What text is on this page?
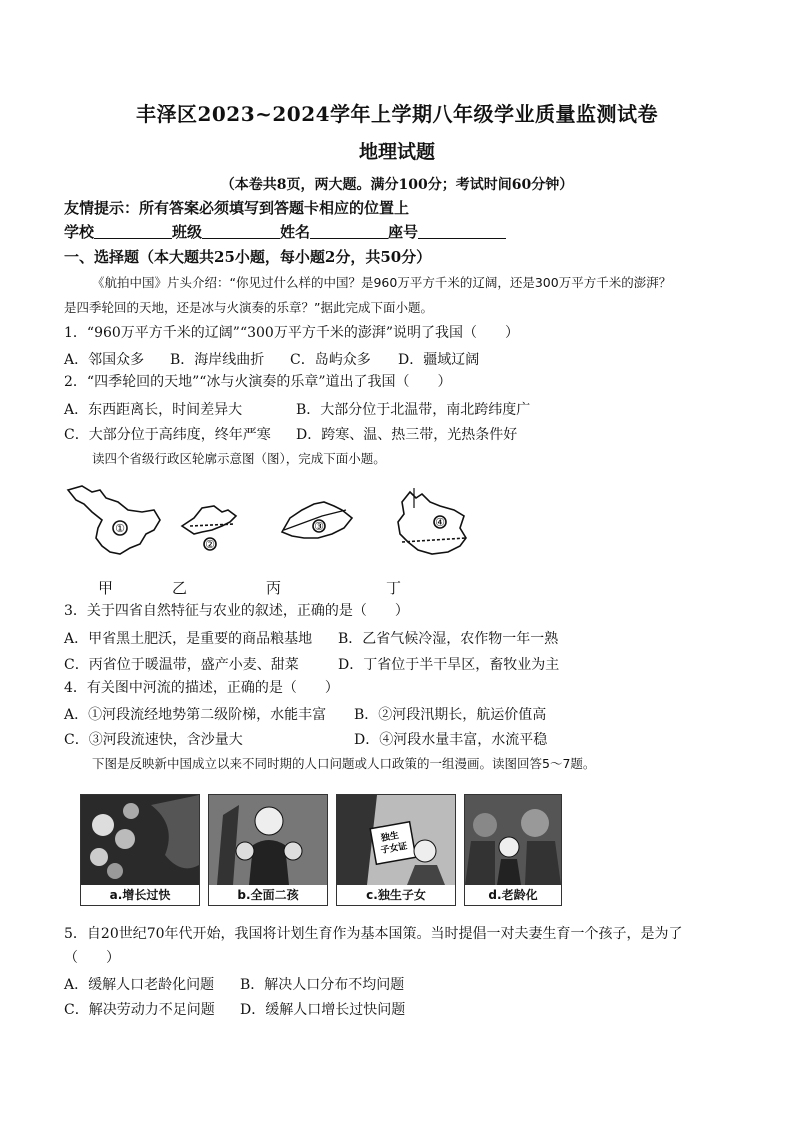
丰泽区2023~2024学年上学期八年级学业质量监测试卷
地理试题
（本卷共8页，两大题。满分100分；考试时间60分钟）
友情提示：所有答案必须填写到答题卡相应的位置上
学校	班级	姓名	座号
一、选择题（本大题共25小题，每小题2分，共50分）
《航拍中国》片头介绍：“你见过什么样的中国？是960万平方千米的辽阔，还是300万平方千米的澎湃？
是四季轮回的天地，还是冰与火演奏的乐章？”据此完成下面小题。
1．“960万平方千米的辽阔”“300万平方千米的澎湃”说明了我国（　　）
A．邻国众多 B．海岸线曲折 C．岛屿众多 D．疆域辽阔
2．“四季轮回的天地”“冰与火演奏的乐章”道出了我国（　　）
A．东西距离长，时间差异大	B．大部分位于北温带，南北跨纬度广
C．大部分位于高纬度，终年严寒 D．跨寒、温、热三带，光热条件好
读四个省级行政区轮廓示意图（图），完成下面小题。
①
②
③	④
甲	乙	丙	丁
3．关于四省自然特征与农业的叙述，正确的是（　　）
A．甲省黑土肥沃，是重要的商品粮基地 B．乙省气候冷湿，农作物一年一熟
C．丙省位于暖温带，盛产小麦、甜菜	D．丁省位于半干旱区，畜牧业为主
4．有关图中河流的描述，正确的是（　　）
A．①河段流经地势第二级阶梯，水能丰富 B．②河段汛期长，航运价值高
C．③河段流速快，含沙量大	D．④河段水量丰富，水流平稳
下图是反映新中国成立以来不同时期的人口问题或人口政策的一组漫画。读图回答5～7题。
a.增长过快	b.全面二孩
独生
子女证
c.独生子女	d.老龄化
5．自20世纪70年代开始，我国将计划生育作为基本国策。当时提倡一对夫妻生育一个孩子，是为了
（　　）
A．缓解人口老龄化问题 B．解决人口分布不均问题
C．解决劳动力不足问题 D．缓解人口增长过快问题
